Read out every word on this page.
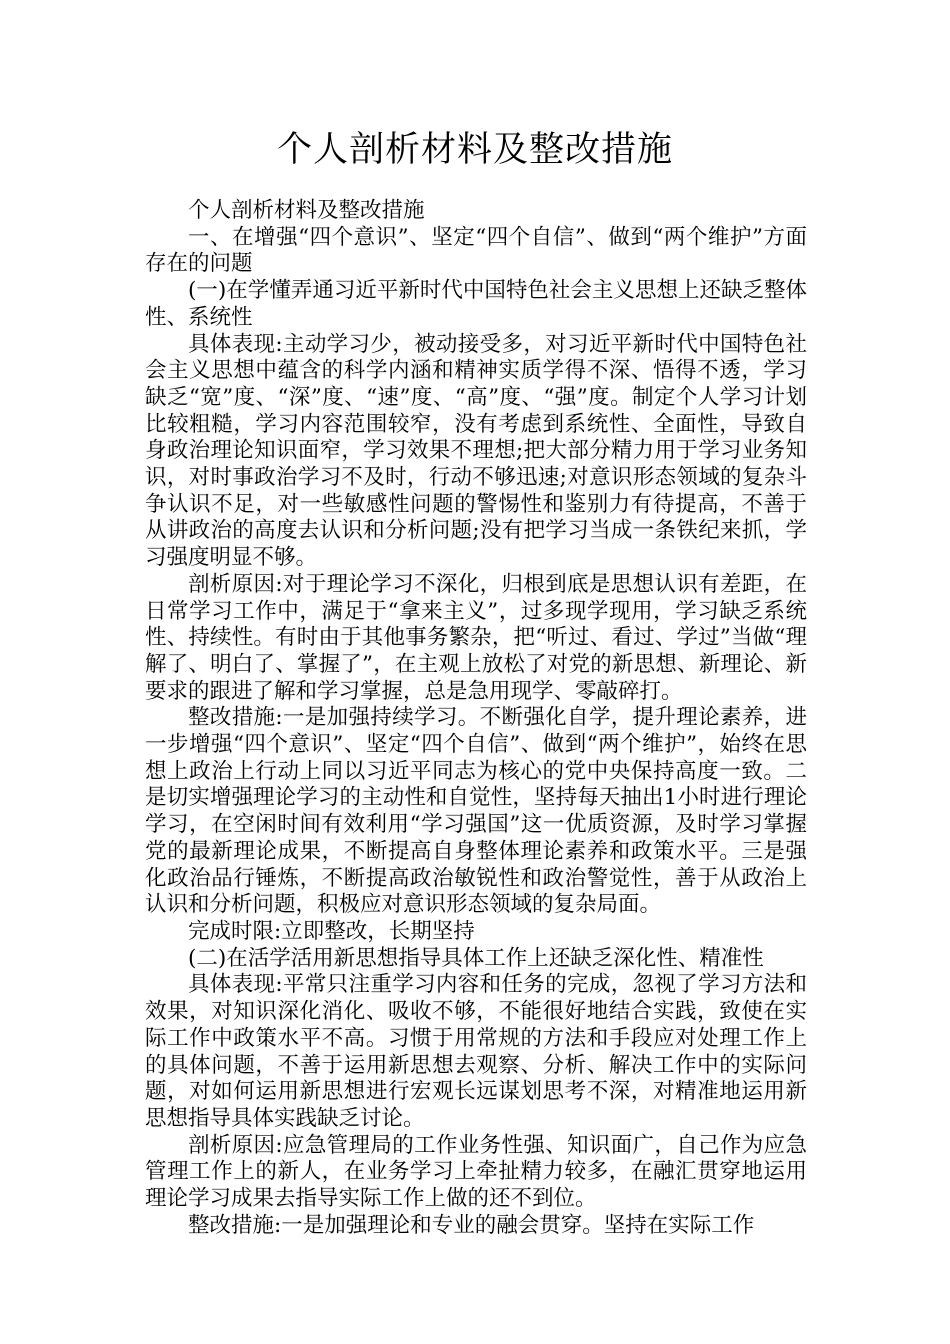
个人剖析材料及整改措施

个人剖析材料及整改措施

一、在增强“四个意识”、坚定“四个自信”、做到“两个维护”方面存在的问题

(一)在学懂弄通习近平新时代中国特色社会主义思想上还缺乏整体性、系统性

具体表现:主动学习少，被动接受多，对习近平新时代中国特色社会主义思想中蕴含的科学内涵和精神实质学得不深、悟得不透，学习缺乏“宽”度、“深”度、“速”度、“高”度、“强”度。制定个人学习计划比较粗糙，学习内容范围较窄，没有考虑到系统性、全面性，导致自身政治理论知识面窄，学习效果不理想;把大部分精力用于学习业务知识，对时事政治学习不及时，行动不够迅速;对意识形态领域的复杂斗争认识不足，对一些敏感性问题的警惕性和鉴别力有待提高，不善于从讲政治的高度去认识和分析问题;没有把学习当成一条铁纪来抓，学习强度明显不够。

剖析原因:对于理论学习不深化，归根到底是思想认识有差距，在日常学习工作中，满足于“拿来主义”，过多现学现用，学习缺乏系统性、持续性。有时由于其他事务繁杂，把“听过、看过、学过”当做“理解了、明白了、掌握了”，在主观上放松了对党的新思想、新理论、新要求的跟进了解和学习掌握，总是急用现学、零敲碎打。

整改措施:一是加强持续学习。不断强化自学，提升理论素养，进一步增强“四个意识”、坚定“四个自信”、做到“两个维护”，始终在思想上政治上行动上同以习近平同志为核心的党中央保持高度一致。二是切实增强理论学习的主动性和自觉性，坚持每天抽出1小时进行理论学习，在空闲时间有效利用“学习强国”这一优质资源，及时学习掌握党的最新理论成果，不断提高自身整体理论素养和政策水平。三是强化政治品行锤炼，不断提高政治敏锐性和政治警觉性，善于从政治上认识和分析问题，积极应对意识形态领域的复杂局面。

完成时限:立即整改，长期坚持

(二)在活学活用新思想指导具体工作上还缺乏深化性、精准性

具体表现:平常只注重学习内容和任务的完成，忽视了学习方法和效果，对知识深化消化、吸收不够，不能很好地结合实践，致使在实际工作中政策水平不高。习惯于用常规的方法和手段应对处理工作上的具体问题，不善于运用新思想去观察、分析、解决工作中的实际问题，对如何运用新思想进行宏观长远谋划思考不深，对精准地运用新思想指导具体实践缺乏讨论。

剖析原因:应急管理局的工作业务性强、知识面广，自己作为应急管理工作上的新人，在业务学习上牵扯精力较多，在融汇贯穿地运用理论学习成果去指导实际工作上做的还不到位。

整改措施:一是加强理论和专业的融会贯穿。坚持在实际工作
